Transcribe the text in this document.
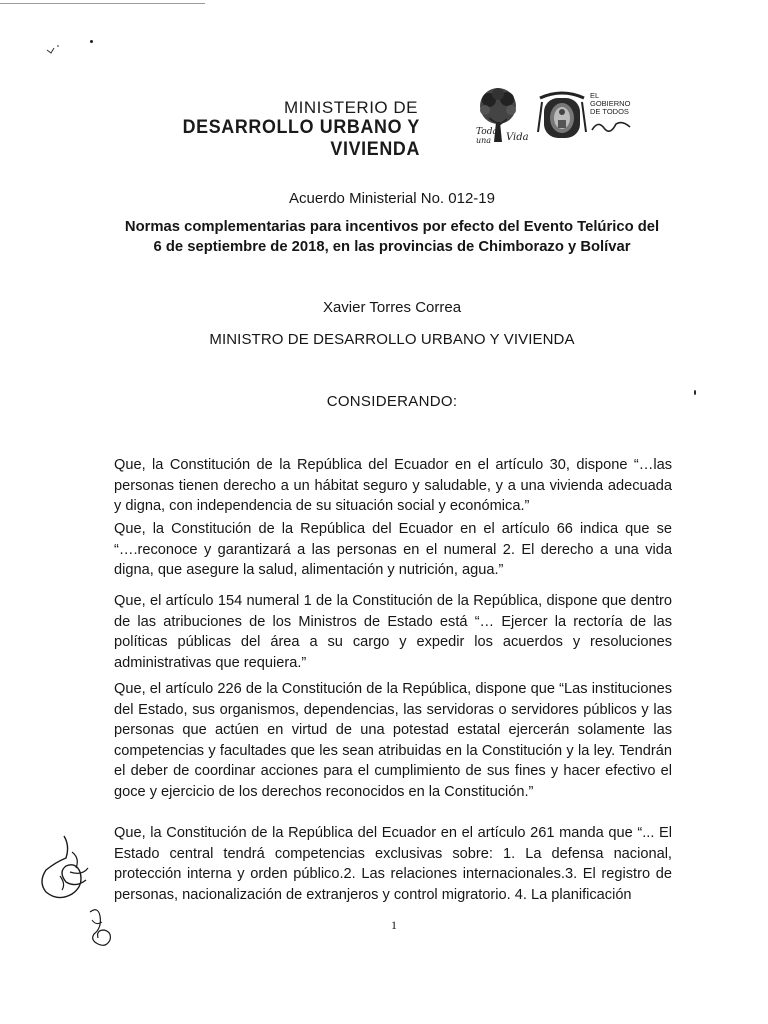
MINISTERIO DE
DESARROLLO URBANO Y VIVIENDA
Toda
una Vida
EL
GOBIERNO
DE TODOS
Acuerdo Ministerial No. 012-19
Normas complementarias para incentivos por efecto del Evento Telúrico del
6 de septiembre de 2018, en las provincias de Chimborazo y Bolívar
Xavier Torres Correa
MINISTRO DE DESARROLLO URBANO Y VIVIENDA
CONSIDERANDO:

Que, la Constitución de la República del Ecuador en el artículo 30, dispone “…las personas tienen derecho a un hábitat seguro y saludable, y a una vivienda adecuada y digna, con independencia de su situación social y económica.”

Que, la Constitución de la República del Ecuador en el artículo 66 indica que se “….reconoce y garantizará a las personas en el numeral 2. El derecho a una vida digna, que asegure la salud, alimentación y nutrición, agua.”

Que, el artículo 154 numeral 1 de la Constitución de la República, dispone que dentro de las atribuciones de los Ministros de Estado está “… Ejercer la rectoría de las políticas públicas del área a su cargo y expedir los acuerdos y resoluciones administrativas que requiera.”

Que, el artículo 226 de la Constitución de la República, dispone que “Las instituciones del Estado, sus organismos, dependencias, las servidoras o servidores públicos y las personas que actúen en virtud de una potestad estatal ejercerán solamente las competencias y facultades que les sean atribuidas en la Constitución y la ley. Tendrán el deber de coordinar acciones para el cumplimiento de sus fines y hacer efectivo el goce y ejercicio de los derechos reconocidos en la Constitución.”

Que, la Constitución de la República del Ecuador en el artículo 261 manda que “... El Estado central tendrá competencias exclusivas sobre: 1. La defensa nacional, protección interna y orden público.2. Las relaciones internacionales.3. El registro de personas, nacionalización de extranjeros y control migratorio. 4. La planificación

1
